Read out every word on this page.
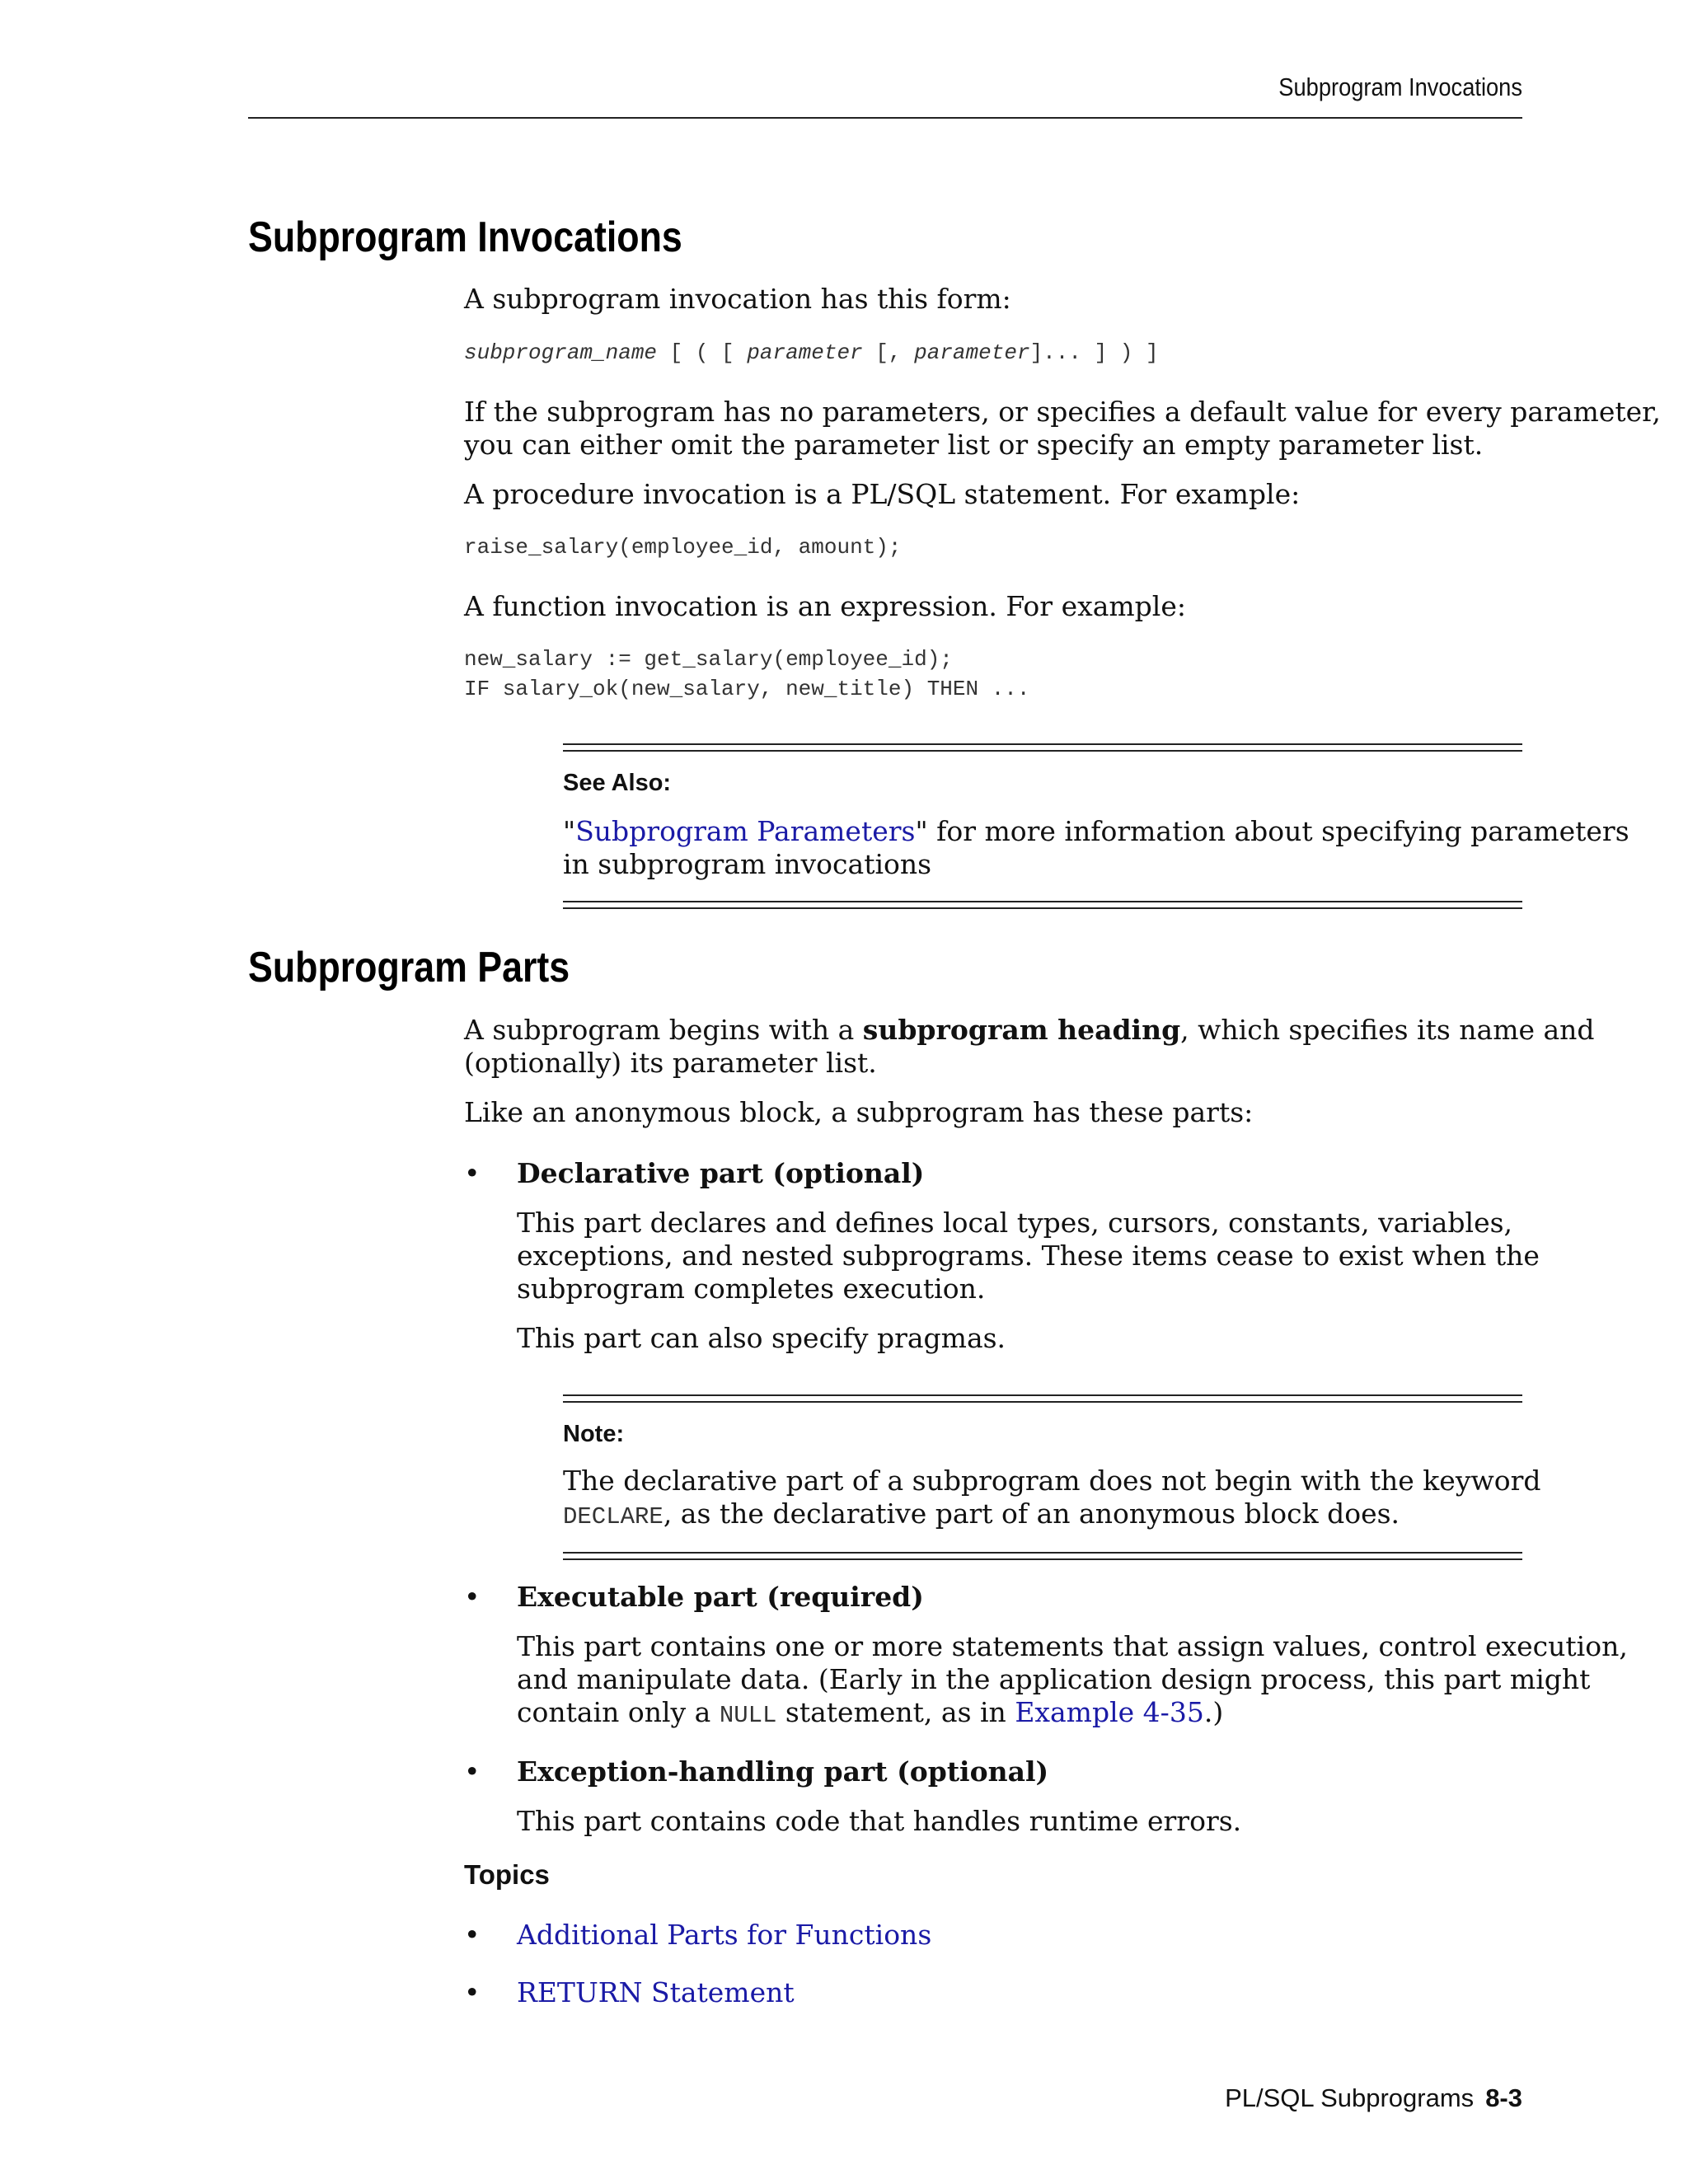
Subprogram Invocations
Subprogram Invocations

A subprogram invocation has this form:

subprogram_name [ ( [ parameter [, parameter]... ] ) ]

If the subprogram has no parameters, or specifies a default value for every parameter,

you can either omit the parameter list or specify an empty parameter list.

A procedure invocation is a PL/SQL statement. For example:

raise_salary(employee_id, amount);

A function invocation is an expression. For example:

new_salary := get_salary(employee_id);
IF salary_ok(new_salary, new_title) THEN ...

See Also:

"Subprogram Parameters" for more information about specifying parameters

in subprogram invocations

Subprogram Parts

A subprogram begins with a subprogram heading, which specifies its name and

(optionally) its parameter list.

Like an anonymous block, a subprogram has these parts:

• Declarative part (optional)

This part declares and defines local types, cursors, constants, variables,

exceptions, and nested subprograms. These items cease to exist when the

subprogram completes execution.

This part can also specify pragmas.

Note:

The declarative part of a subprogram does not begin with the keyword

DECLARE, as the declarative part of an anonymous block does.

• Executable part (required)

This part contains one or more statements that assign values, control execution,

and manipulate data. (Early in the application design process, this part might

contain only a NULL statement, as in Example 4-35.)

• Exception-handling part (optional)

This part contains code that handles runtime errors.

Topics

• Additional Parts for Functions
• RETURN Statement
PL/SQL Subprograms 8-3
